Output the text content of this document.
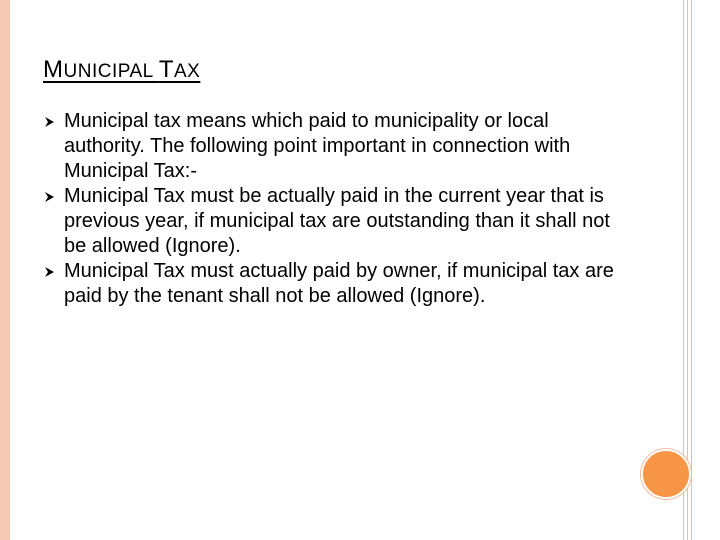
MUNICIPAL TAX
Municipal tax means which paid to municipality or local authority. The following point important in connection with Municipal Tax:-
Municipal Tax must be actually paid in the current year that is previous year, if municipal tax are outstanding than it shall not be allowed (Ignore).
Municipal Tax must actually paid by owner, if municipal tax are paid by the tenant shall not be allowed (Ignore).
